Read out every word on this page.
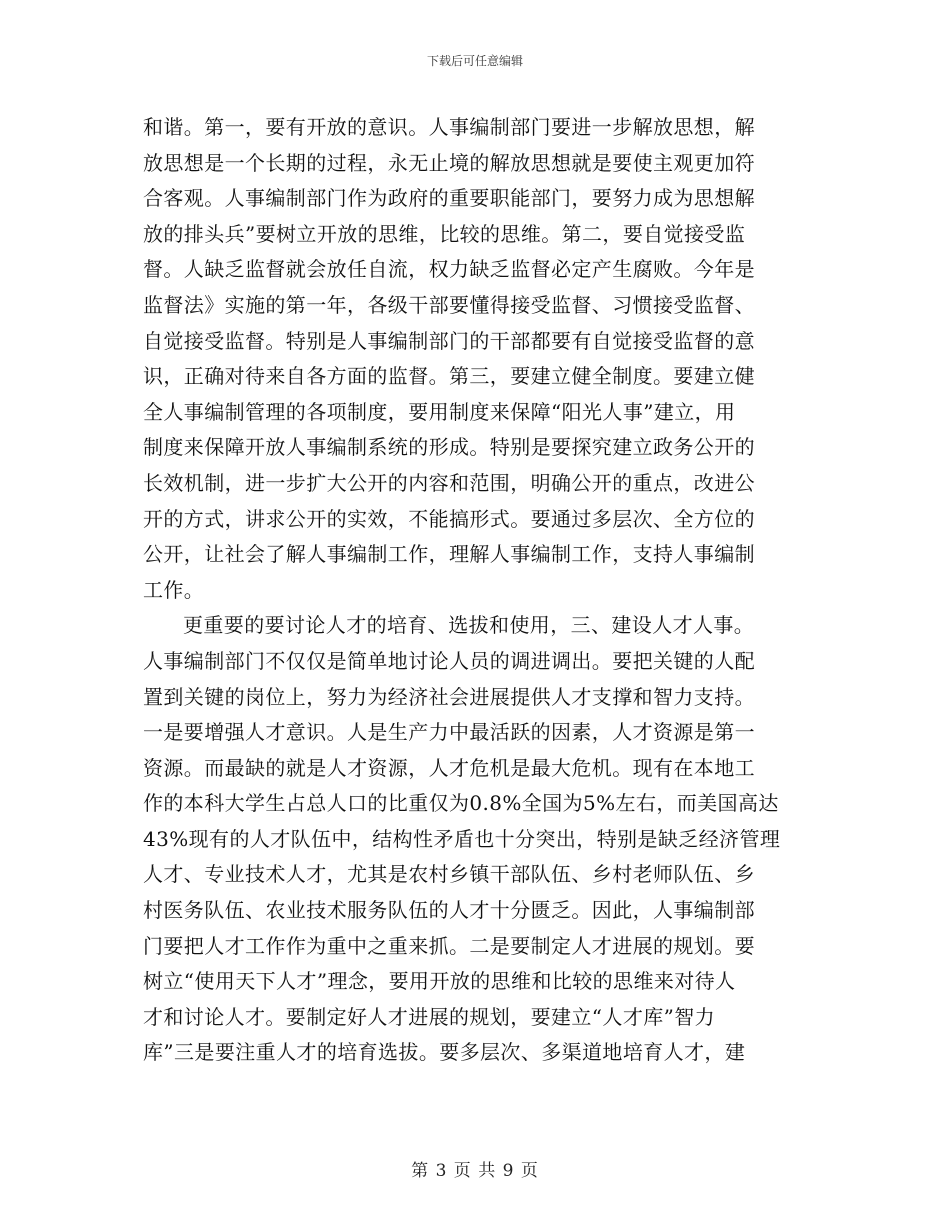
下载后可任意编辑
和谐。第一，要有开放的意识。人事编制部门要进一步解放思想，解
放思想是一个长期的过程，永无止境的解放思想就是要使主观更加符
合客观。人事编制部门作为政府的重要职能部门，要努力成为思想解
放的排头兵”要树立开放的思维，比较的思维。第二，要自觉接受监
督。人缺乏监督就会放任自流，权力缺乏监督必定产生腐败。今年是
监督法》实施的第一年，各级干部要懂得接受监督、习惯接受监督、
自觉接受监督。特别是人事编制部门的干部都要有自觉接受监督的意
识，正确对待来自各方面的监督。第三，要建立健全制度。要建立健
全人事编制管理的各项制度，要用制度来保障“阳光人事”建立，用
制度来保障开放人事编制系统的形成。特别是要探究建立政务公开的
长效机制，进一步扩大公开的内容和范围，明确公开的重点，改进公
开的方式，讲求公开的实效，不能搞形式。要通过多层次、全方位的
公开，让社会了解人事编制工作，理解人事编制工作，支持人事编制
工作。
更重要的要讨论人才的培育、选拔和使用，三、建设人才人事。
人事编制部门不仅仅是简单地讨论人员的调进调出。要把关键的人配
置到关键的岗位上，努力为经济社会进展提供人才支撑和智力支持。
一是要增强人才意识。人是生产力中最活跃的因素，人才资源是第一
资源。而最缺的就是人才资源，人才危机是最大危机。现有在本地工
作的本科大学生占总人口的比重仅为0.8%全国为5%左右，而美国高达
43%现有的人才队伍中，结构性矛盾也十分突出，特别是缺乏经济管理
人才、专业技术人才，尤其是农村乡镇干部队伍、乡村老师队伍、乡
村医务队伍、农业技术服务队伍的人才十分匮乏。因此，人事编制部
门要把人才工作作为重中之重来抓。二是要制定人才进展的规划。要
树立“使用天下人才”理念，要用开放的思维和比较的思维来对待人
才和讨论人才。要制定好人才进展的规划，要建立“人才库”智力
库”三是要注重人才的培育选拔。要多层次、多渠道地培育人才，建
第 3 页 共 9 页
